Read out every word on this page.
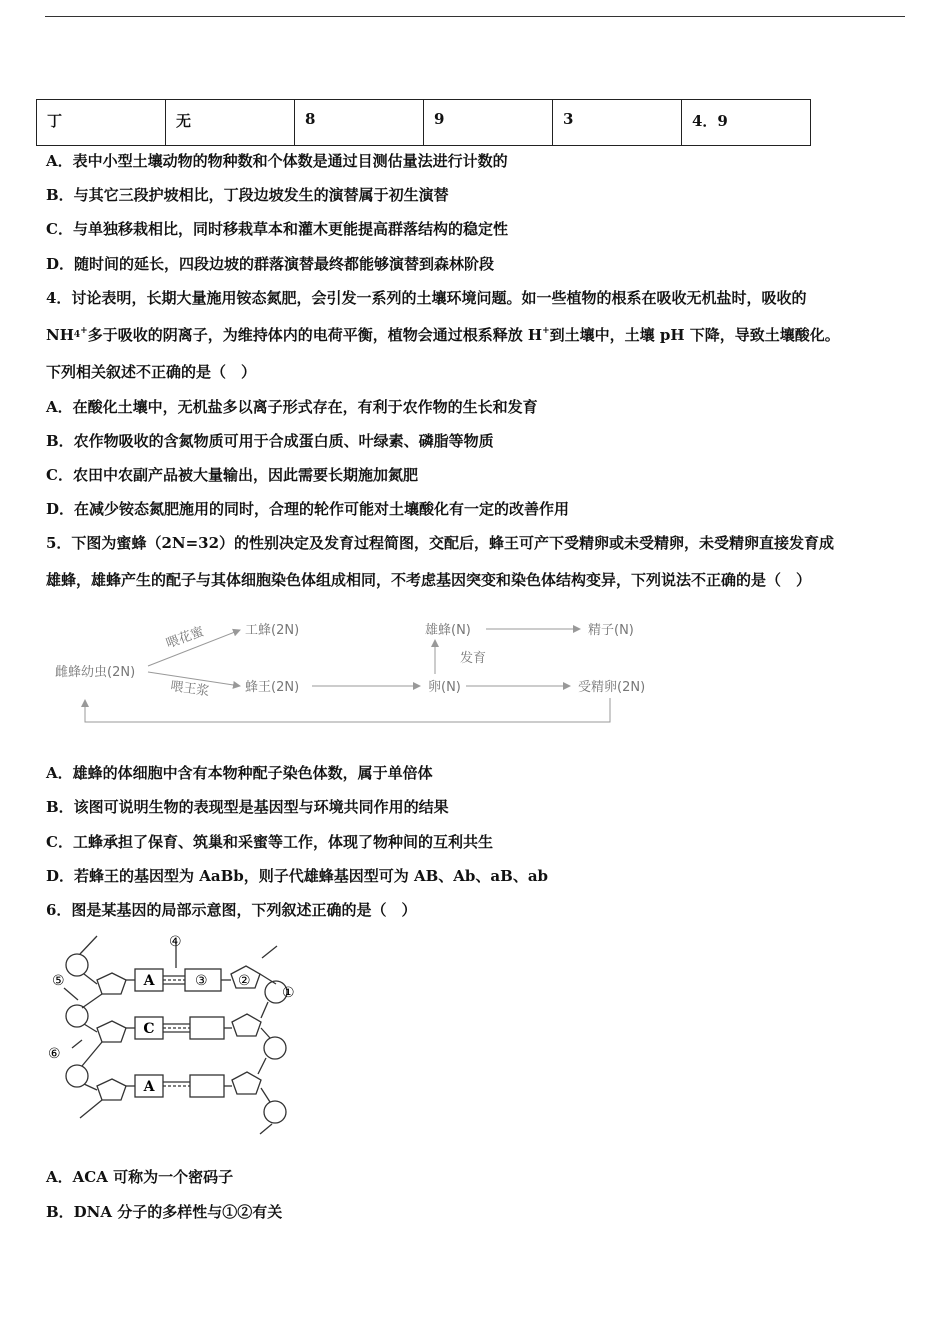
丁	无	8	9	3	4．9
A．表中小型土壤动物的物种数和个体数是通过目测估量法进行计数的
B．与其它三段护坡相比，丁段边坡发生的演替属于初生演替
C．与单独移栽相比，同时移栽草本和灌木更能提高群落结构的稳定性
D．随时间的延长，四段边坡的群落演替最终都能够演替到森林阶段
4．讨论表明，长期大量施用铵态氮肥，会引发一系列的土壤环境问题。如一些植物的根系在吸收无机盐时，吸收的
NH4+多于吸收的阴离子，为维持体内的电荷平衡，植物会通过根系释放 H+到土壤中，土壤 pH 下降，导致土壤酸化。
下列相关叙述不正确的是（　）
A．在酸化土壤中，无机盐多以离子形式存在，有利于农作物的生长和发育
B．农作物吸收的含氮物质可用于合成蛋白质、叶绿素、磷脂等物质
C．农田中农副产品被大量输出，因此需要长期施加氮肥
D．在减少铵态氮肥施用的同时，合理的轮作可能对土壤酸化有一定的改善作用
5．下图为蜜蜂（2N=32）的性别决定及发育过程简图，交配后，蜂王可产下受精卵或未受精卵，未受精卵直接发育成
雄蜂，雄蜂产生的配子与其体细胞染色体组成相同，不考虑基因突变和染色体结构变异，下列说法不正确的是（　）
雌蜂幼虫(2N)
喂花蜜
喂王浆
工蜂(2N)
蜂王(2N)	卵(N)
发育
雄蜂(N)	精子(N)
受精卵(2N)
A．雄蜂的体细胞中含有本物种配子染色体数，属于单倍体
B．该图可说明生物的表现型是基因型与环境共同作用的结果
C．工蜂承担了保育、筑巢和采蜜等工作，体现了物种间的互利共生
D．若蜂王的基因型为 AaBb，则子代雄蜂基因型可为 AB、Ab、aB、ab
6．图是某基因的局部示意图，下列叙述正确的是（　）
A
C
A
①
②
③
④
⑤
⑥
A．ACA 可称为一个密码子
B．DNA 分子的多样性与①②有关
